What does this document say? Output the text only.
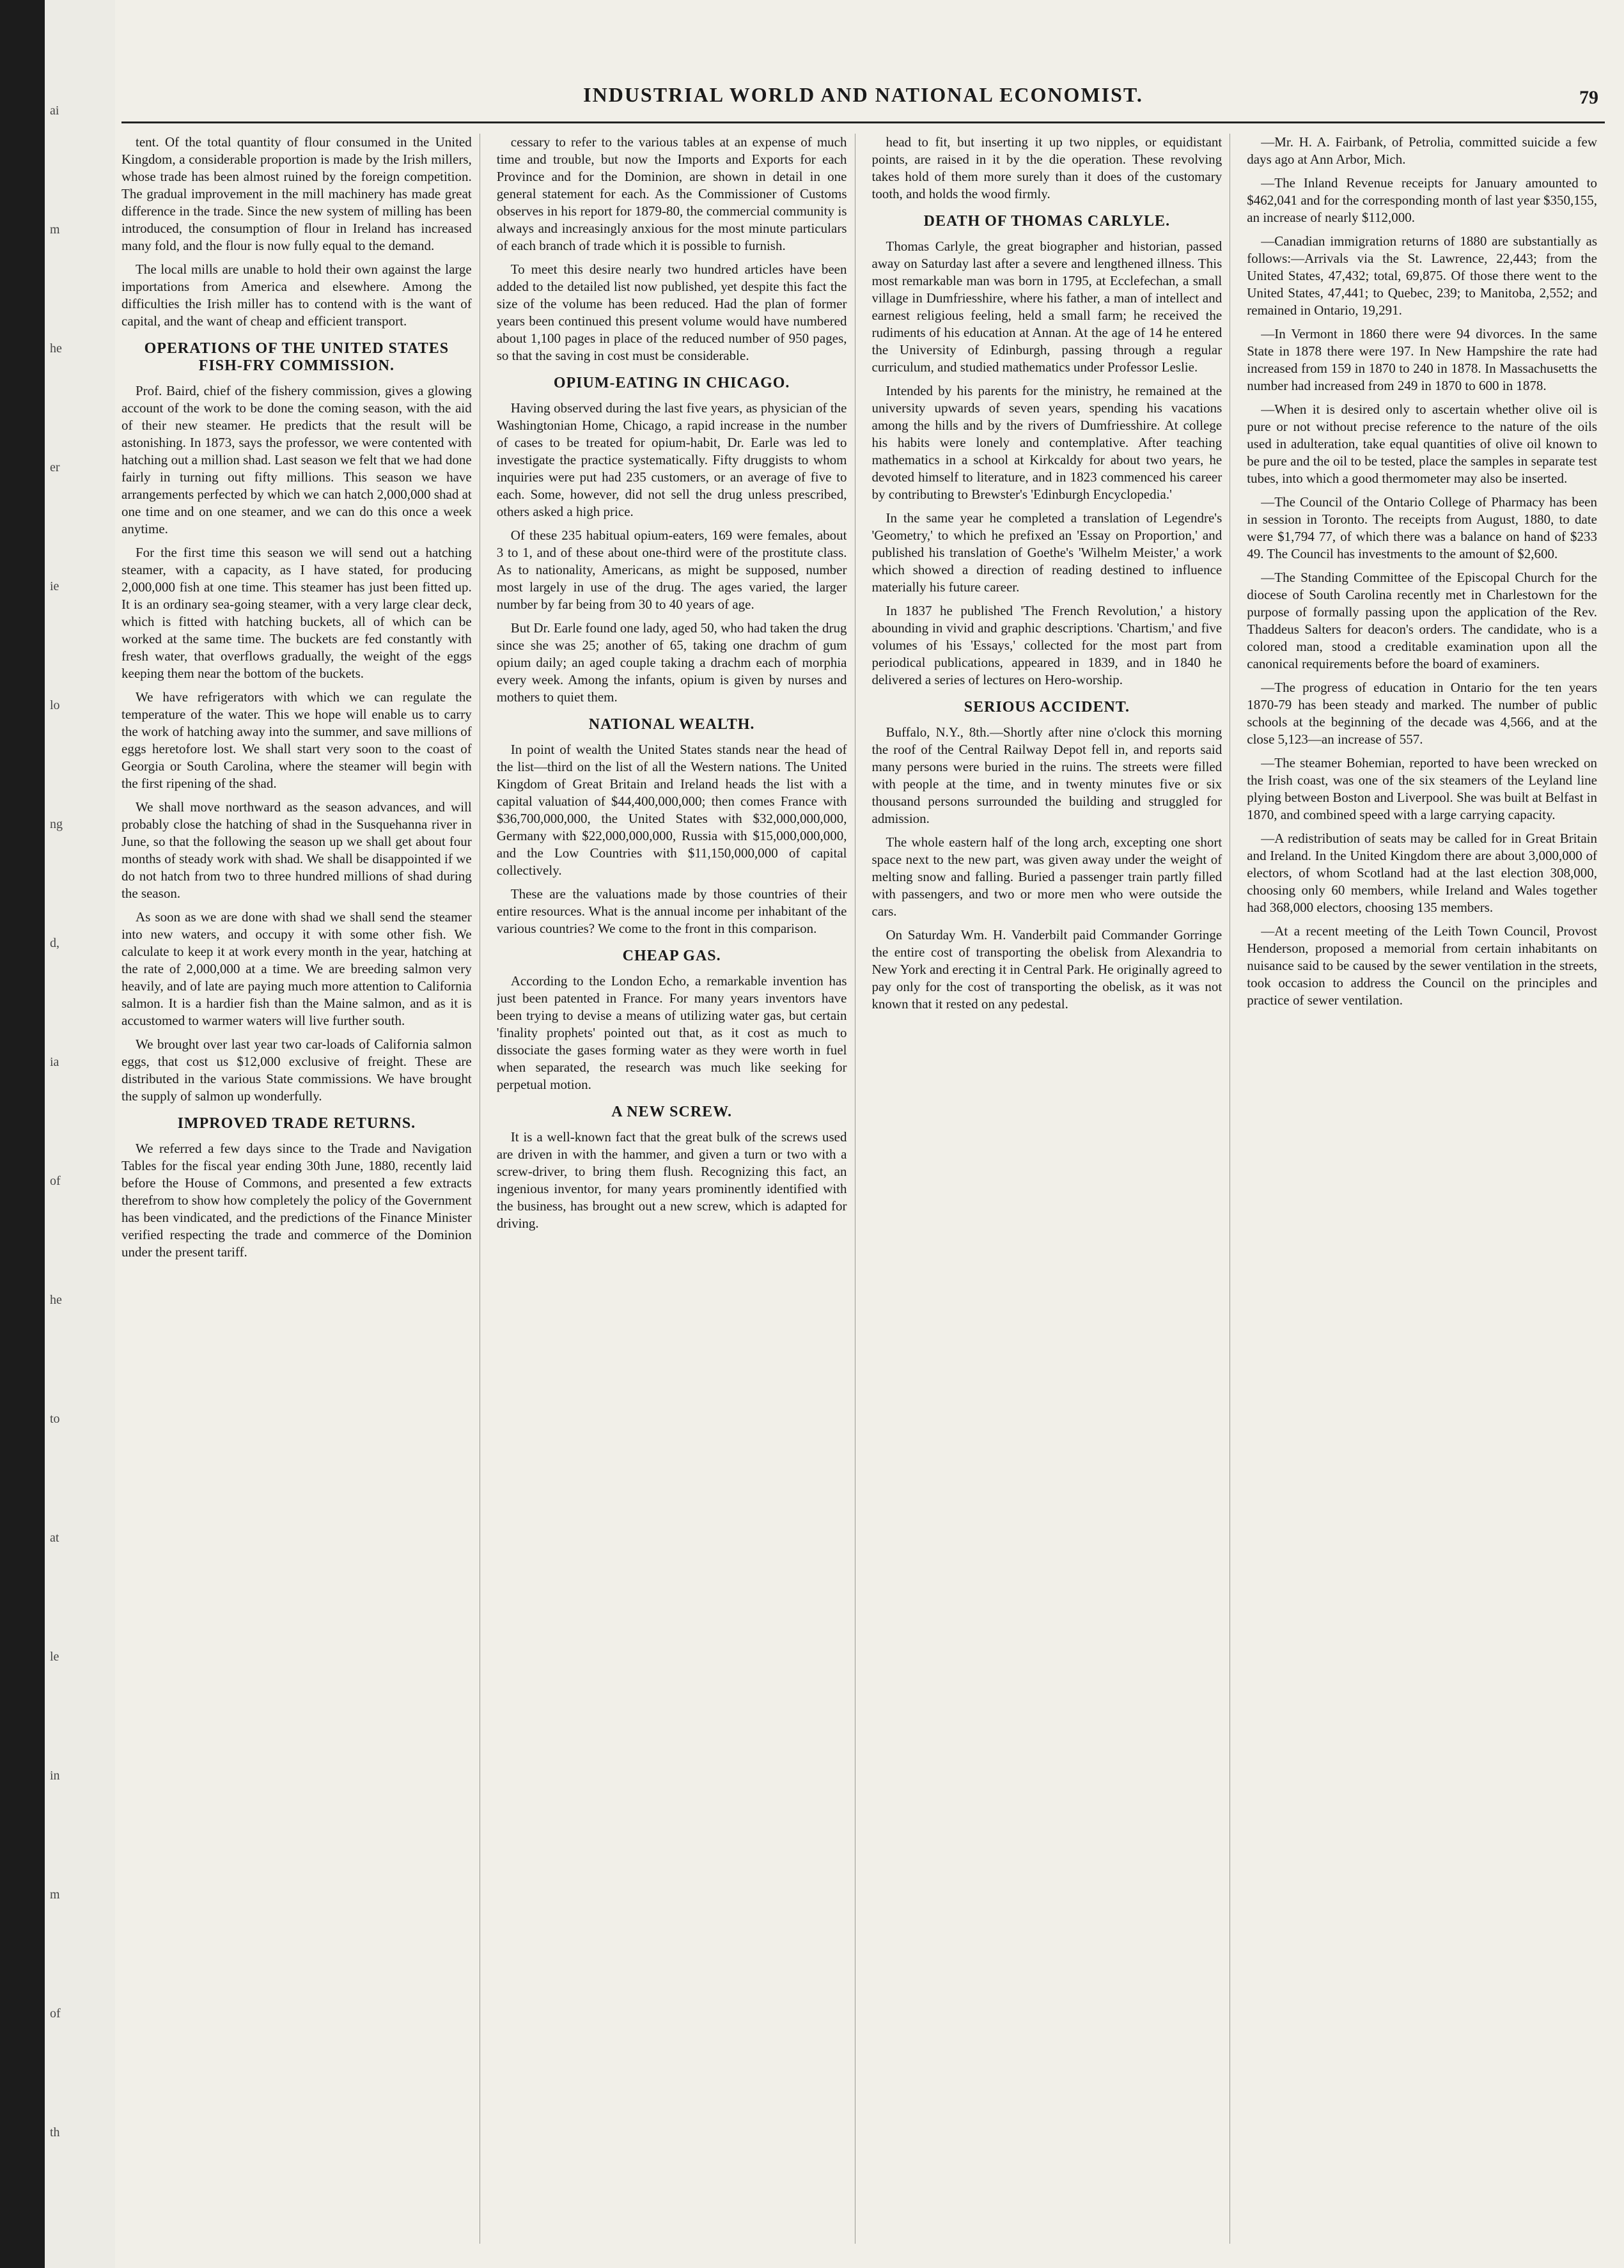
ai
m
he
er
ie
lo
ng
d,
ia
of
he
to
at
le
in
m
of
th
INDUSTRIAL WORLD AND NATIONAL ECONOMIST.	79

tent. Of the total quantity of flour consumed in the United Kingdom, a considerable proportion is made by the Irish millers, whose trade has been almost ruined by the foreign competition. The gradual improvement in the mill machinery has made great difference in the trade. Since the new system of milling has been introduced, the consumption of flour in Ireland has increased many fold, and the flour is now fully equal to the demand.

The local mills are unable to hold their own against the large importations from America and elsewhere. Among the difficulties the Irish miller has to contend with is the want of capital, and the want of cheap and efficient transport.

OPERATIONS OF THE UNITED STATES FISH-FRY COMMISSION.

Prof. Baird, chief of the fishery commission, gives a glowing account of the work to be done the coming season, with the aid of their new steamer. He predicts that the result will be astonishing. In 1873, says the professor, we were contented with hatching out a million shad. Last season we felt that we had done fairly in turning out fifty millions. This season we have arrangements perfected by which we can hatch 2,000,000 shad at one time and on one steamer, and we can do this once a week anytime.

For the first time this season we will send out a hatching steamer, with a capacity, as I have stated, for producing 2,000,000 fish at one time. This steamer has just been fitted up. It is an ordinary sea-going steamer, with a very large clear deck, which is fitted with hatching buckets, all of which can be worked at the same time. The buckets are fed constantly with fresh water, that overflows gradually, the weight of the eggs keeping them near the bottom of the buckets.

We have refrigerators with which we can regulate the temperature of the water. This we hope will enable us to carry the work of hatching away into the summer, and save millions of eggs heretofore lost. We shall start very soon to the coast of Georgia or South Carolina, where the steamer will begin with the first ripening of the shad.

We shall move northward as the season advances, and will probably close the hatching of shad in the Susquehanna river in June, so that the following the season up we shall get about four months of steady work with shad. We shall be disappointed if we do not hatch from two to three hundred millions of shad during the season.

As soon as we are done with shad we shall send the steamer into new waters, and occupy it with some other fish. We calculate to keep it at work every month in the year, hatching at the rate of 2,000,000 at a time. We are breeding salmon very heavily, and of late are paying much more attention to California salmon. It is a hardier fish than the Maine salmon, and as it is accustomed to warmer waters will live further south.

We brought over last year two car-loads of California salmon eggs, that cost us $12,000 exclusive of freight. These are distributed in the various State commissions. We have brought the supply of salmon up wonderfully.

IMPROVED TRADE RETURNS.

We referred a few days since to the Trade and Navigation Tables for the fiscal year ending 30th June, 1880, recently laid before the House of Commons, and presented a few extracts therefrom to show how completely the policy of the Government has been vindicated, and the predictions of the Finance Minister verified respecting the trade and commerce of the Dominion under the present tariff.

cessary to refer to the various tables at an expense of much time and trouble, but now the Imports and Exports for each Province and for the Dominion, are shown in detail in one general statement for each. As the Commissioner of Customs observes in his report for 1879-80, the commercial community is always and increasingly anxious for the most minute particulars of each branch of trade which it is possible to furnish.

To meet this desire nearly two hundred articles have been added to the detailed list now published, yet despite this fact the size of the volume has been reduced. Had the plan of former years been continued this present volume would have numbered about 1,100 pages in place of the reduced number of 950 pages, so that the saving in cost must be considerable.

OPIUM-EATING IN CHICAGO.

Having observed during the last five years, as physician of the Washingtonian Home, Chicago, a rapid increase in the number of cases to be treated for opium-habit, Dr. Earle was led to investigate the practice systematically. Fifty druggists to whom inquiries were put had 235 customers, or an average of five to each. Some, however, did not sell the drug unless prescribed, others asked a high price.

Of these 235 habitual opium-eaters, 169 were females, about 3 to 1, and of these about one-third were of the prostitute class. As to nationality, Americans, as might be supposed, number most largely in use of the drug. The ages varied, the larger number by far being from 30 to 40 years of age.

But Dr. Earle found one lady, aged 50, who had taken the drug since she was 25; another of 65, taking one drachm of gum opium daily; an aged couple taking a drachm each of morphia every week. Among the infants, opium is given by nurses and mothers to quiet them.

NATIONAL WEALTH.

In point of wealth the United States stands near the head of the list—third on the list of all the Western nations. The United Kingdom of Great Britain and Ireland heads the list with a capital valuation of $44,400,000,000; then comes France with $36,700,000,000, the United States with $32,000,000,000, Germany with $22,000,000,000, Russia with $15,000,000,000, and the Low Countries with $11,150,000,000 of capital collectively.

These are the valuations made by those countries of their entire resources. What is the annual income per inhabitant of the various countries? We come to the front in this comparison.

CHEAP GAS.

According to the London Echo, a remarkable invention has just been patented in France. For many years inventors have been trying to devise a means of utilizing water gas, but certain 'finality prophets' pointed out that, as it cost as much to dissociate the gases forming water as they were worth in fuel when separated, the research was much like seeking for perpetual motion.

A NEW SCREW.

It is a well-known fact that the great bulk of the screws used are driven in with the hammer, and given a turn or two with a screw-driver, to bring them flush. Recognizing this fact, an ingenious inventor, for many years prominently identified with the business, has brought out a new screw, which is adapted for driving.

head to fit, but inserting it up two nipples, or equidistant points, are raised in it by the die operation. These revolving takes hold of them more surely than it does of the customary tooth, and holds the wood firmly.

DEATH OF THOMAS CARLYLE.

Thomas Carlyle, the great biographer and historian, passed away on Saturday last after a severe and lengthened illness. This most remarkable man was born in 1795, at Ecclefechan, a small village in Dumfriesshire, where his father, a man of intellect and earnest religious feeling, held a small farm; he received the rudiments of his education at Annan. At the age of 14 he entered the University of Edinburgh, passing through a regular curriculum, and studied mathematics under Professor Leslie.

Intended by his parents for the ministry, he remained at the university upwards of seven years, spending his vacations among the hills and by the rivers of Dumfriesshire. At college his habits were lonely and contemplative. After teaching mathematics in a school at Kirkcaldy for about two years, he devoted himself to literature, and in 1823 commenced his career by contributing to Brewster's 'Edinburgh Encyclopedia.'

In the same year he completed a translation of Legendre's 'Geometry,' to which he prefixed an 'Essay on Proportion,' and published his translation of Goethe's 'Wilhelm Meister,' a work which showed a direction of reading destined to influence materially his future career.

In 1837 he published 'The French Revolution,' a history abounding in vivid and graphic descriptions. 'Chartism,' and five volumes of his 'Essays,' collected for the most part from periodical publications, appeared in 1839, and in 1840 he delivered a series of lectures on Hero-worship.

SERIOUS ACCIDENT.

Buffalo, N.Y., 8th.—Shortly after nine o'clock this morning the roof of the Central Railway Depot fell in, and reports said many persons were buried in the ruins. The streets were filled with people at the time, and in twenty minutes five or six thousand persons surrounded the building and struggled for admission.

The whole eastern half of the long arch, excepting one short space next to the new part, was given away under the weight of melting snow and falling. Buried a passenger train partly filled with passengers, and two or more men who were outside the cars.

On Saturday Wm. H. Vanderbilt paid Commander Gorringe the entire cost of transporting the obelisk from Alexandria to New York and erecting it in Central Park. He originally agreed to pay only for the cost of transporting the obelisk, as it was not known that it rested on any pedestal.

—Mr. H. A. Fairbank, of Petrolia, committed suicide a few days ago at Ann Arbor, Mich.

—The Inland Revenue receipts for January amounted to $462,041 and for the corresponding month of last year $350,155, an increase of nearly $112,000.

—Canadian immigration returns of 1880 are substantially as follows:—Arrivals via the St. Lawrence, 22,443; from the United States, 47,432; total, 69,875. Of those there went to the United States, 47,441; to Quebec, 239; to Manitoba, 2,552; and remained in Ontario, 19,291.

—In Vermont in 1860 there were 94 divorces. In the same State in 1878 there were 197. In New Hampshire the rate had increased from 159 in 1870 to 240 in 1878. In Massachusetts the number had increased from 249 in 1870 to 600 in 1878.

—When it is desired only to ascertain whether olive oil is pure or not without precise reference to the nature of the oils used in adulteration, take equal quantities of olive oil known to be pure and the oil to be tested, place the samples in separate test tubes, into which a good thermometer may also be inserted.

—The Council of the Ontario College of Pharmacy has been in session in Toronto. The receipts from August, 1880, to date were $1,794 77, of which there was a balance on hand of $233 49. The Council has investments to the amount of $2,600.

—The Standing Committee of the Episcopal Church for the diocese of South Carolina recently met in Charlestown for the purpose of formally passing upon the application of the Rev. Thaddeus Salters for deacon's orders. The candidate, who is a colored man, stood a creditable examination upon all the canonical requirements before the board of examiners.

—The progress of education in Ontario for the ten years 1870-79 has been steady and marked. The number of public schools at the beginning of the decade was 4,566, and at the close 5,123—an increase of 557.

—The steamer Bohemian, reported to have been wrecked on the Irish coast, was one of the six steamers of the Leyland line plying between Boston and Liverpool. She was built at Belfast in 1870, and combined speed with a large carrying capacity.

—A redistribution of seats may be called for in Great Britain and Ireland. In the United Kingdom there are about 3,000,000 of electors, of whom Scotland had at the last election 308,000, choosing only 60 members, while Ireland and Wales together had 368,000 electors, choosing 135 members.

—At a recent meeting of the Leith Town Council, Provost Henderson, proposed a memorial from certain inhabitants on nuisance said to be caused by the sewer ventilation in the streets, took occasion to address the Council on the principles and practice of sewer ventilation.
